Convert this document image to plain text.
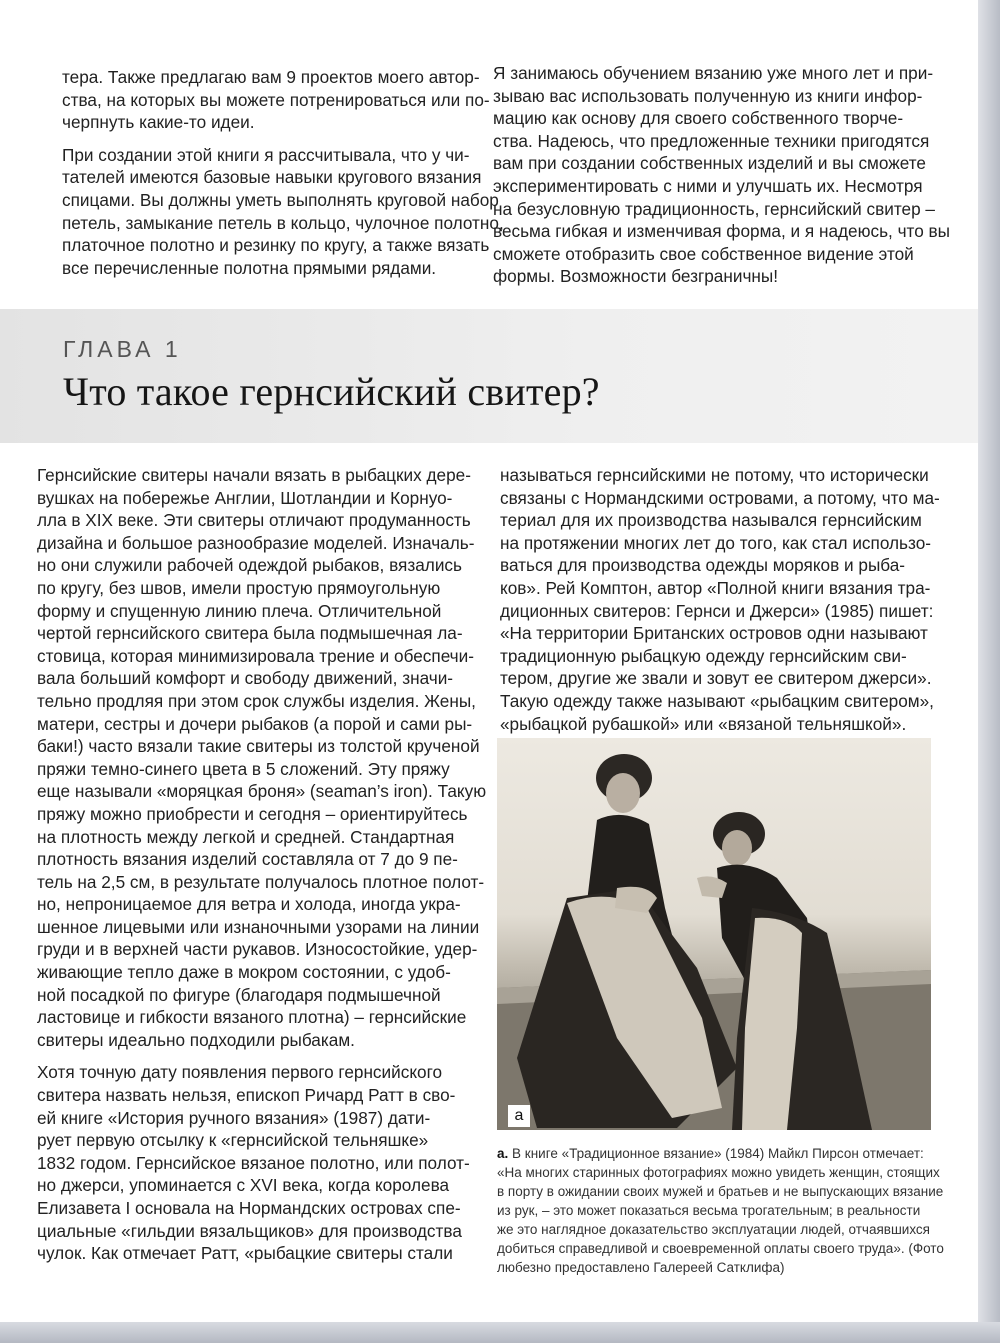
тера. Также предлагаю вам 9 проектов моего автор-
ства, на которых вы можете потренироваться или по-
черпнуть какие-то идеи.

При создании этой книги я рассчитывала, что у чи-
тателей имеются базовые навыки кругового вязания
спицами. Вы должны уметь выполнять круговой набор
петель, замыкание петель в кольцо, чулочное полотно,
платочное полотно и резинку по кругу, а также вязать
все перечисленные полотна прямыми рядами.

Я занимаюсь обучением вязанию уже много лет и при-
зываю вас использовать полученную из книги инфор-
мацию как основу для своего собственного творче-
ства. Надеюсь, что предложенные техники пригодятся
вам при создании собственных изделий и вы сможете
экспериментировать с ними и улучшать их. Несмотря
на безусловную традиционность, гернсийский свитер –
весьма гибкая и изменчивая форма, и я надеюсь, что вы
сможете отобразить свое собственное видение этой
формы. Возможности безграничны!

ГЛАВА 1
Что такое гернсийский свитер?

Гернсийские свитеры начали вязать в рыбацких дере-
вушках на побережье Англии, Шотландии и Корнуо-
лла в XIX веке. Эти свитеры отличают продуманность
дизайна и большое разнообразие моделей. Изначаль-
но они служили рабочей одеждой рыбаков, вязались
по кругу, без швов, имели простую прямоугольную
форму и спущенную линию плеча. Отличительной
чертой гернсийского свитера была подмышечная ла-
стовица, которая минимизировала трение и обеспечи-
вала больший комфорт и свободу движений, значи-
тельно продляя при этом срок службы изделия. Жены,
матери, сестры и дочери рыбаков (а порой и сами ры-
баки!) часто вязали такие свитеры из толстой крученой
пряжи темно-синего цвета в 5 сложений. Эту пряжу
еще называли «моряцкая броня» (seaman’s iron). Такую
пряжу можно приобрести и сегодня – ориентируйтесь
на плотность между легкой и средней. Стандартная
плотность вязания изделий составляла от 7 до 9 пе-
тель на 2,5 см, в результате получалось плотное полот-
но, непроницаемое для ветра и холода, иногда укра-
шенное лицевыми или изнаночными узорами на линии
груди и в верхней части рукавов. Износостойкие, удер-
живающие тепло даже в мокром состоянии, с удоб-
ной посадкой по фигуре (благодаря подмышечной
ластовице и гибкости вязаного плотна) – гернсийские
свитеры идеально подходили рыбакам.

Хотя точную дату появления первого гернсийского
свитера назвать нельзя, епископ Ричард Ратт в сво-
ей книге «История ручного вязания» (1987) дати-
рует первую отсылку к «гернсийской тельняшке»
1832 годом. Гернсийское вязаное полотно, или полот-
но джерси, упоминается с XVI века, когда королева
Елизавета I основала на Нормандских островах спе-
циальные «гильдии вязальщиков» для производства
чулок. Как отмечает Ратт, «рыбацкие свитеры стали

называться гернсийскими не потому, что исторически
связаны с Нормандскими островами, а потому, что ма-
териал для их производства назывался гернсийским
на протяжении многих лет до того, как стал использо-
ваться для производства одежды моряков и рыба-
ков». Рей Комптон, автор «Полной книги вязания тра-
диционных свитеров: Гернси и Джерси» (1985) пишет:
«На территории Британских островов одни называют
традиционную рыбацкую одежду гернсийским сви-
тером, другие же звали и зовут ее свитером джерси».
Такую одежду также называют «рыбацким свитером»,
«рыбацкой рубашкой» или «вязаной тельняшкой».

а
а. В книге «Традиционное вязание» (1984) Майкл Пирсон отмечает:
«На многих старинных фотографиях можно увидеть женщин, стоящих
в порту в ожидании своих мужей и братьев и не выпускающих вязание
из рук, – это может показаться весьма трогательным; в реальности
же это наглядное доказательство эксплуатации людей, отчаявшихся
добиться справедливой и своевременной оплаты своего труда». (Фото
любезно предоставлено Галереей Сатклифа)
